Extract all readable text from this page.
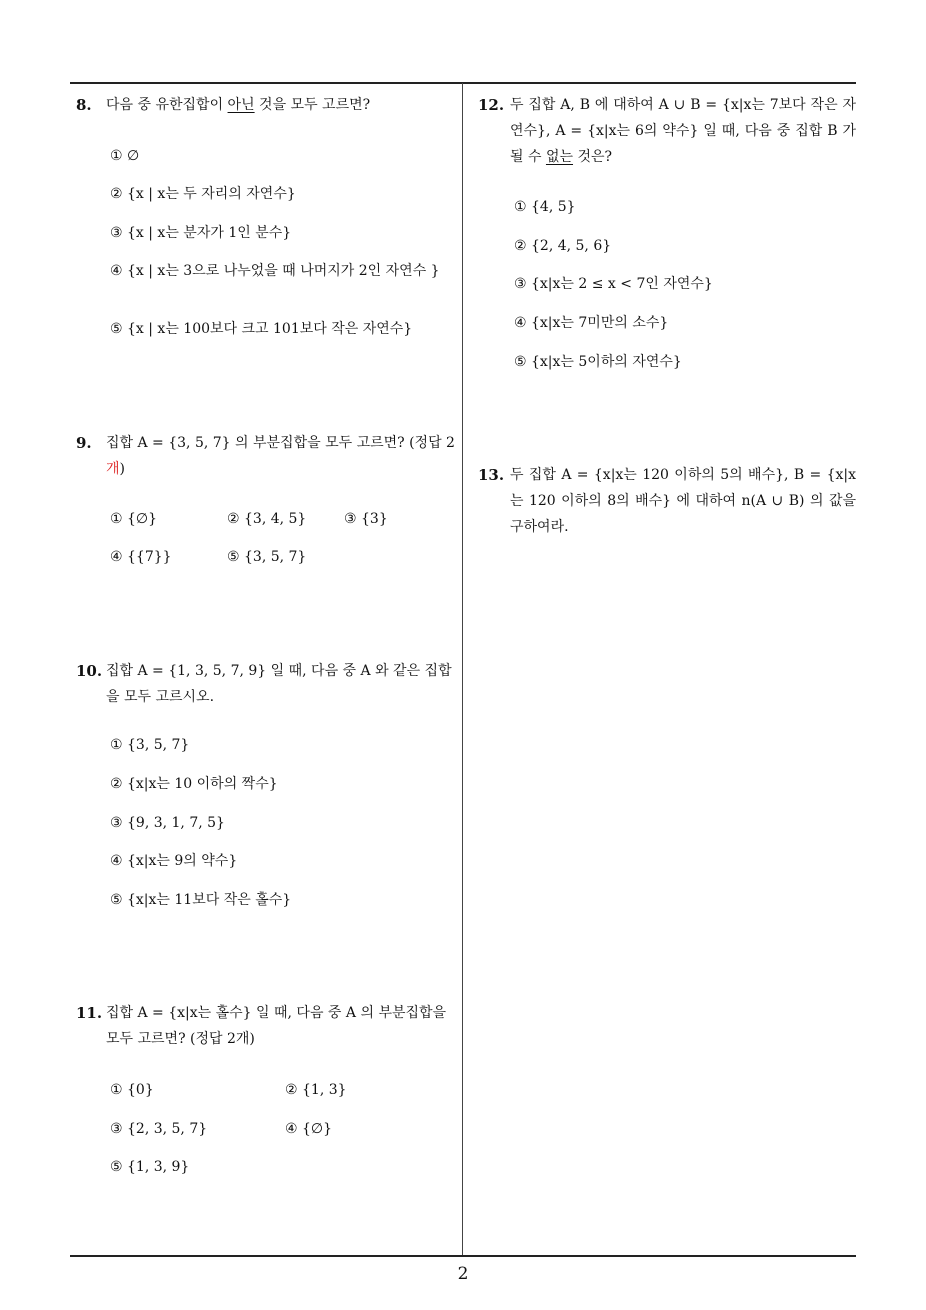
8.	다음 중 유한집합이 아닌 것을 모두 고르면?
① ∅
② {x | x는 두 자리의 자연수}
③ {x | x는 분자가 1인 분수}
④ {x | x는 3으로 나누었을 때 나머지가 2인 자연수 }
⑤ {x | x는 100보다 크고 101보다 작은 자연수}
9.	집합 A = {3, 5, 7} 의 부분집합을 모두 고르면? (정답 2개)
① {∅}	② {3, 4, 5}	③ {3}
④ {{7}}	⑤ {3, 5, 7}
10. 집합 A = {1, 3, 5, 7, 9} 일 때, 다음 중 A 와 같은 집합을 모두 고르시오.
① {3, 5, 7}
② {x|x는 10 이하의 짝수}
③ {9, 3, 1, 7, 5}
④ {x|x는 9의 약수}
⑤ {x|x는 11보다 작은 홀수}
11. 집합 A = {x|x는 홀수} 일 때, 다음 중 A 의 부분집합을 모두 고르면? (정답 2개)
① {0}	② {1, 3}
③ {2, 3, 5, 7}	④ {∅}
⑤ {1, 3, 9}
12. 두 집합 A, B 에 대하여 A ∪ B = {x|x는 7보다 작은 자연수}, A = {x|x는 6의 약수} 일 때, 다음 중 집합 B 가 될 수 없는 것은?
① {4, 5}
② {2, 4, 5, 6}
③ {x|x는 2 ≤ x < 7인 자연수}
④ {x|x는 7미만의 소수}
⑤ {x|x는 5이하의 자연수}
13. 두 집합 A = {x|x는 120 이하의 5의 배수}, B = {x|x는 120 이하의 8의 배수} 에 대하여 n(A ∪ B) 의 값을 구하여라.
2
